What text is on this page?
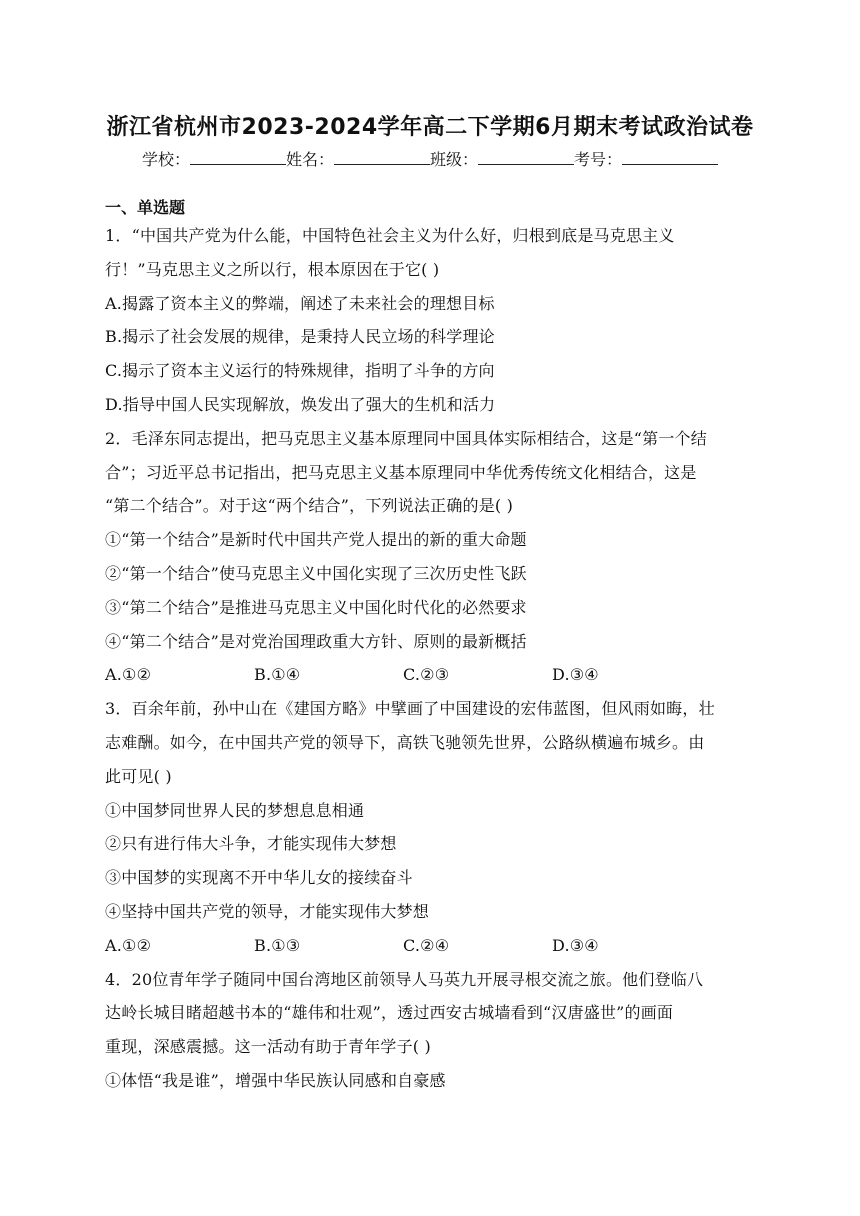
浙江省杭州市2023-2024学年高二下学期6月期末考试政治试卷
学校：	姓名：	班级：	考号：
一、单选题
1．“中国共产党为什么能，中国特色社会主义为什么好，归根到底是马克思主义
行！”马克思主义之所以行，根本原因在于它( )
A.揭露了资本主义的弊端，阐述了未来社会的理想目标
B.揭示了社会发展的规律，是秉持人民立场的科学理论
C.揭示了资本主义运行的特殊规律，指明了斗争的方向
D.指导中国人民实现解放，焕发出了强大的生机和活力
2．毛泽东同志提出，把马克思主义基本原理同中国具体实际相结合，这是“第一个结
合”；习近平总书记指出，把马克思主义基本原理同中华优秀传统文化相结合，这是
“第二个结合”。对于这“两个结合”，下列说法正确的是( )
①“第一个结合”是新时代中国共产党人提出的新的重大命题
②“第一个结合”使马克思主义中国化实现了三次历史性飞跃
③“第二个结合”是推进马克思主义中国化时代化的必然要求
④“第二个结合”是对党治国理政重大方针、原则的最新概括
A.①②	B.①④	C.②③	D.③④
3．百余年前，孙中山在《建国方略》中擘画了中国建设的宏伟蓝图，但风雨如晦，壮
志难酬。如今，在中国共产党的领导下，高铁飞驰领先世界，公路纵横遍布城乡。由
此可见( )
①中国梦同世界人民的梦想息息相通
②只有进行伟大斗争，才能实现伟大梦想
③中国梦的实现离不开中华儿女的接续奋斗
④坚持中国共产党的领导，才能实现伟大梦想
A.①②	B.①③	C.②④	D.③④
4．20位青年学子随同中国台湾地区前领导人马英九开展寻根交流之旅。他们登临八
达岭长城目睹超越书本的“雄伟和壮观”，透过西安古城墙看到“汉唐盛世”的画面
重现，深感震撼。这一活动有助于青年学子( )
①体悟“我是谁”，增强中华民族认同感和自豪感
